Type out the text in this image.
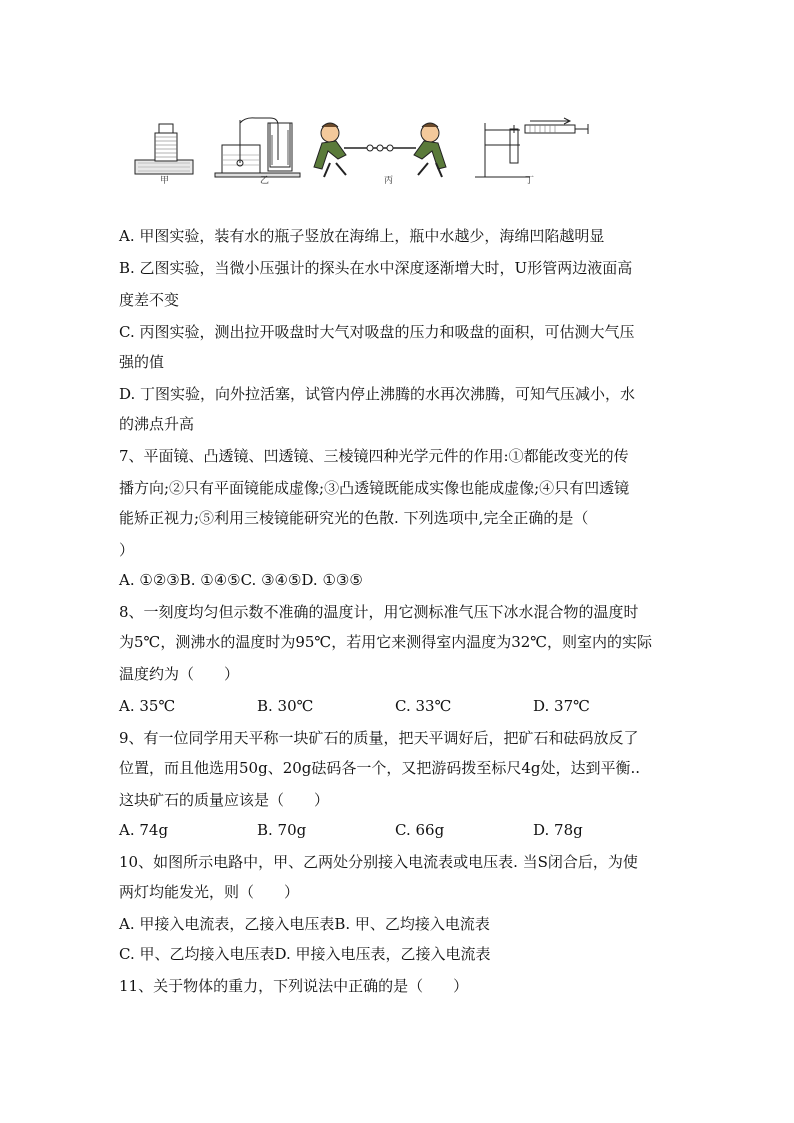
甲	乙	丙	丁
A. 甲图实验，装有水的瓶子竖放在海绵上，瓶中水越少，海绵凹陷越明显
B. 乙图实验，当微小压强计的探头在水中深度逐渐增大时，U形管两边液面高
度差不变
C. 丙图实验，测出拉开吸盘时大气对吸盘的压力和吸盘的面积，可估测大气压
强的值
D. 丁图实验，向外拉活塞，试管内停止沸腾的水再次沸腾，可知气压减小，水
的沸点升高
7、平面镜、凸透镜、凹透镜、三棱镜四种光学元件的作用:①都能改变光的传
播方向;②只有平面镜能成虚像;③凸透镜既能成实像也能成虚像;④只有凹透镜
能矫正视力;⑤利用三棱镜能研究光的色散. 下列选项中,完全正确的是（
）
A. ①②③B. ①④⑤C. ③④⑤D. ①③⑤
8、一刻度均匀但示数不准确的温度计，用它测标准气压下冰水混合物的温度时
为5℃，测沸水的温度时为95℃，若用它来测得室内温度为32℃，则室内的实际
温度约为（　　）
A. 35℃	B. 30℃	C. 33℃	D. 37℃
9、有一位同学用天平称一块矿石的质量，把天平调好后，把矿石和砝码放反了
位置，而且他选用50g、20g砝码各一个，又把游码拨至标尺4g处，达到平衡..
这块矿石的质量应该是（　　）
A. 74g	B. 70g	C. 66g	D. 78g
10、如图所示电路中，甲、乙两处分别接入电流表或电压表. 当S闭合后，为使
两灯均能发光，则（　　）
A. 甲接入电流表，乙接入电压表B. 甲、乙均接入电流表
C. 甲、乙均接入电压表D. 甲接入电压表，乙接入电流表
11、关于物体的重力，下列说法中正确的是（　　）
